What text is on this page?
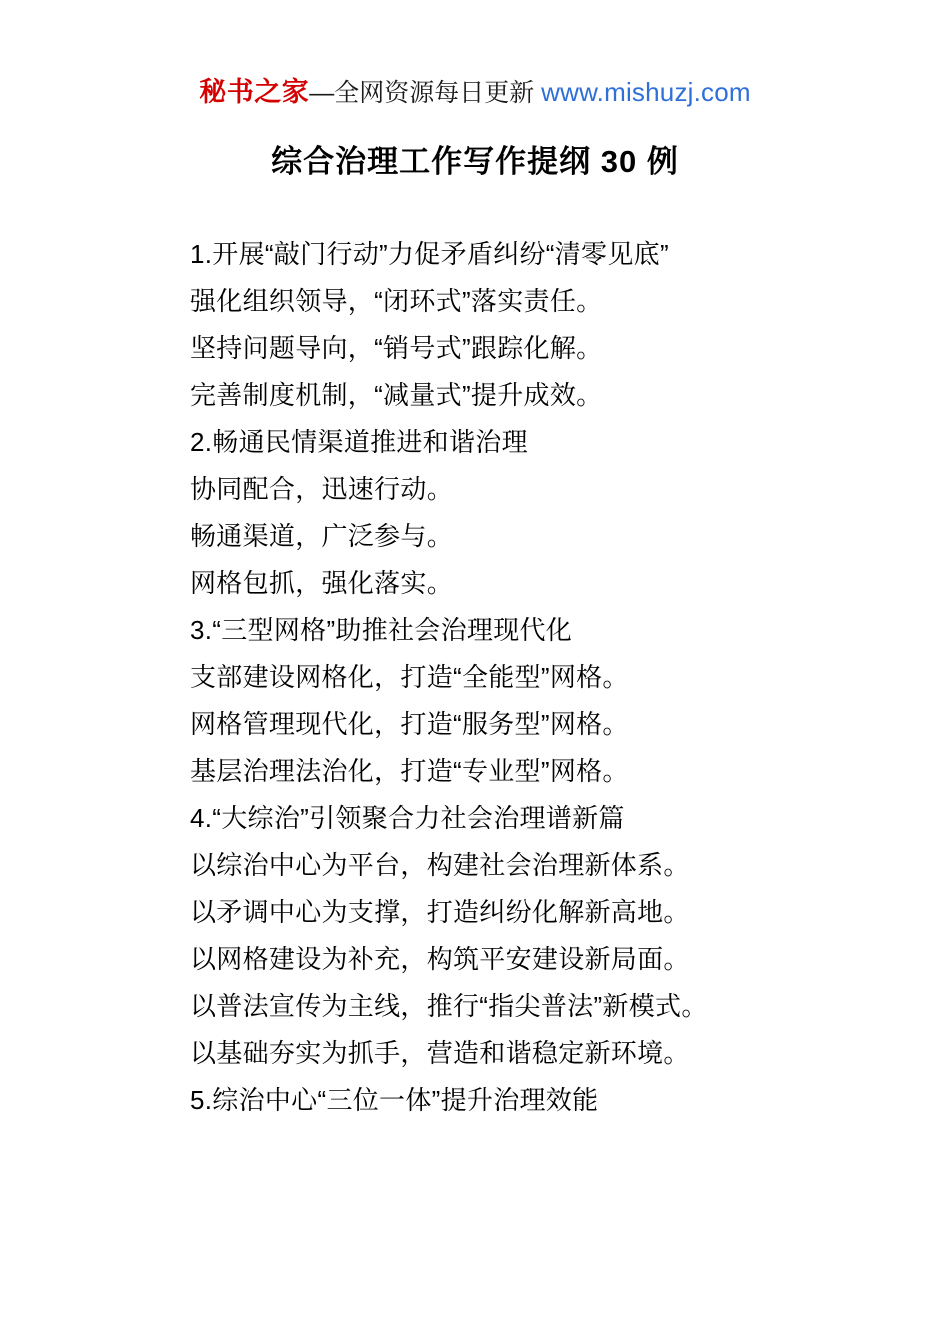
秘书之家—全网资源每日更新 www.mishuzj.com
综合治理工作写作提纲 30 例
1.开展“敲门行动”力促矛盾纠纷“清零见底”
强化组织领导，“闭环式”落实责任。
坚持问题导向，“销号式”跟踪化解。
完善制度机制，“减量式”提升成效。
2.畅通民情渠道推进和谐治理
协同配合，迅速行动。
畅通渠道，广泛参与。
网格包抓，强化落实。
3.“三型网格”助推社会治理现代化
支部建设网格化，打造“全能型”网格。
网格管理现代化，打造“服务型”网格。
基层治理法治化，打造“专业型”网格。
4.“大综治”引领聚合力社会治理谱新篇
以综治中心为平台，构建社会治理新体系。
以矛调中心为支撑，打造纠纷化解新高地。
以网格建设为补充，构筑平安建设新局面。
以普法宣传为主线，推行“指尖普法”新模式。
以基础夯实为抓手，营造和谐稳定新环境。
5.综治中心“三位一体”提升治理效能
